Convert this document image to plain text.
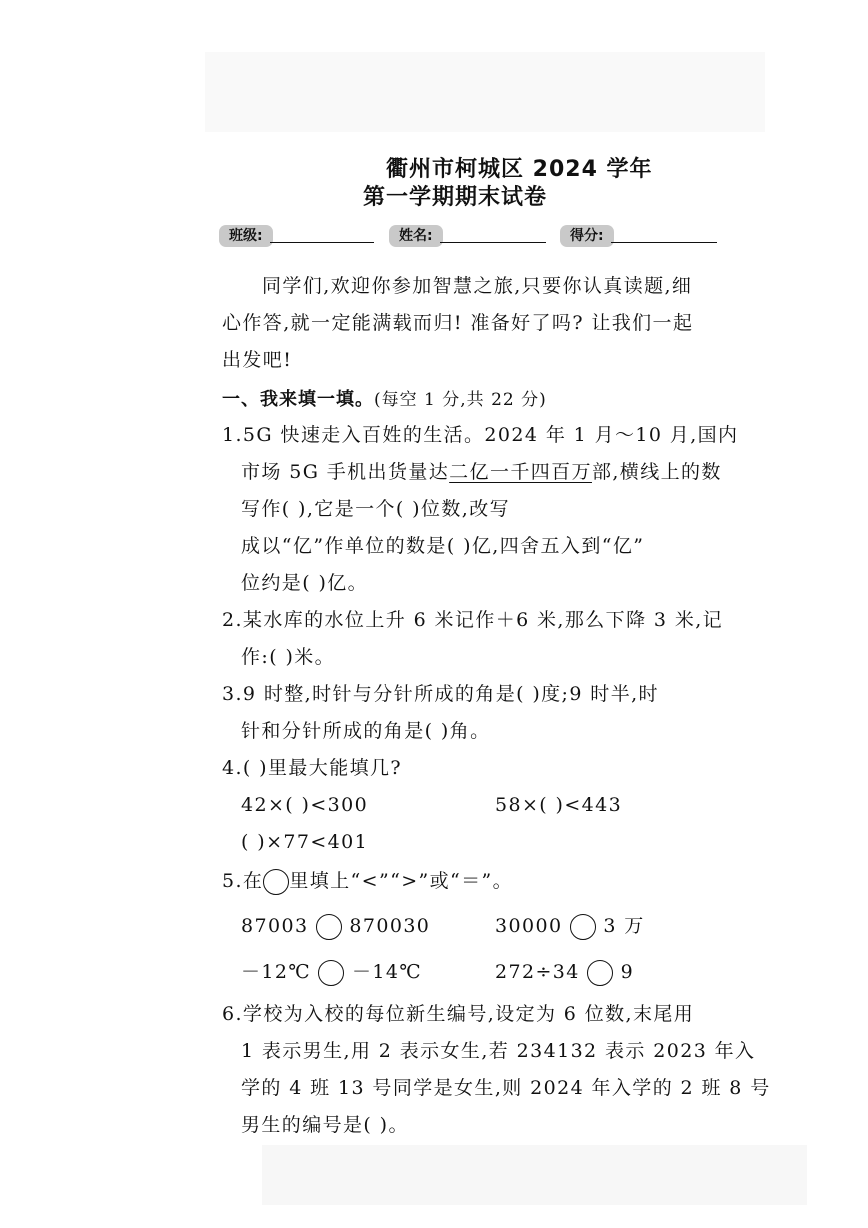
衢州市柯城区 2024 学年
第一学期期末试卷
班级:	姓名:	得分:
同学们,欢迎你参加智慧之旅,只要你认真读题,细
心作答,就一定能满载而归! 准备好了吗? 让我们一起
出发吧!
一、我来填一填。(每空 1 分,共 22 分)
1.5G 快速走入百姓的生活。2024 年 1 月～10 月,国内
市场 5G 手机出货量达二亿一千四百万部,横线上的数
写作( ),它是一个( )位数,改写
成以“亿”作单位的数是( )亿,四舍五入到“亿”
位约是( )亿。
2.某水库的水位上升 6 米记作＋6 米,那么下降 3 米,记
作:( )米。
3.9 时整,时针与分针所成的角是( )度;9 时半,时
针和分针所成的角是( )角。
4.( )里最大能填几?
42×( )<300	58×( )<443
( )×77<401
5.在 里填上“<”“>”或“＝”。
87003 870030	30000 3 万
－12℃ －14℃	272÷34 9
6.学校为入校的每位新生编号,设定为 6 位数,末尾用
1 表示男生,用 2 表示女生,若 234132 表示 2023 年入
学的 4 班 13 号同学是女生,则 2024 年入学的 2 班 8 号
男生的编号是( )。
